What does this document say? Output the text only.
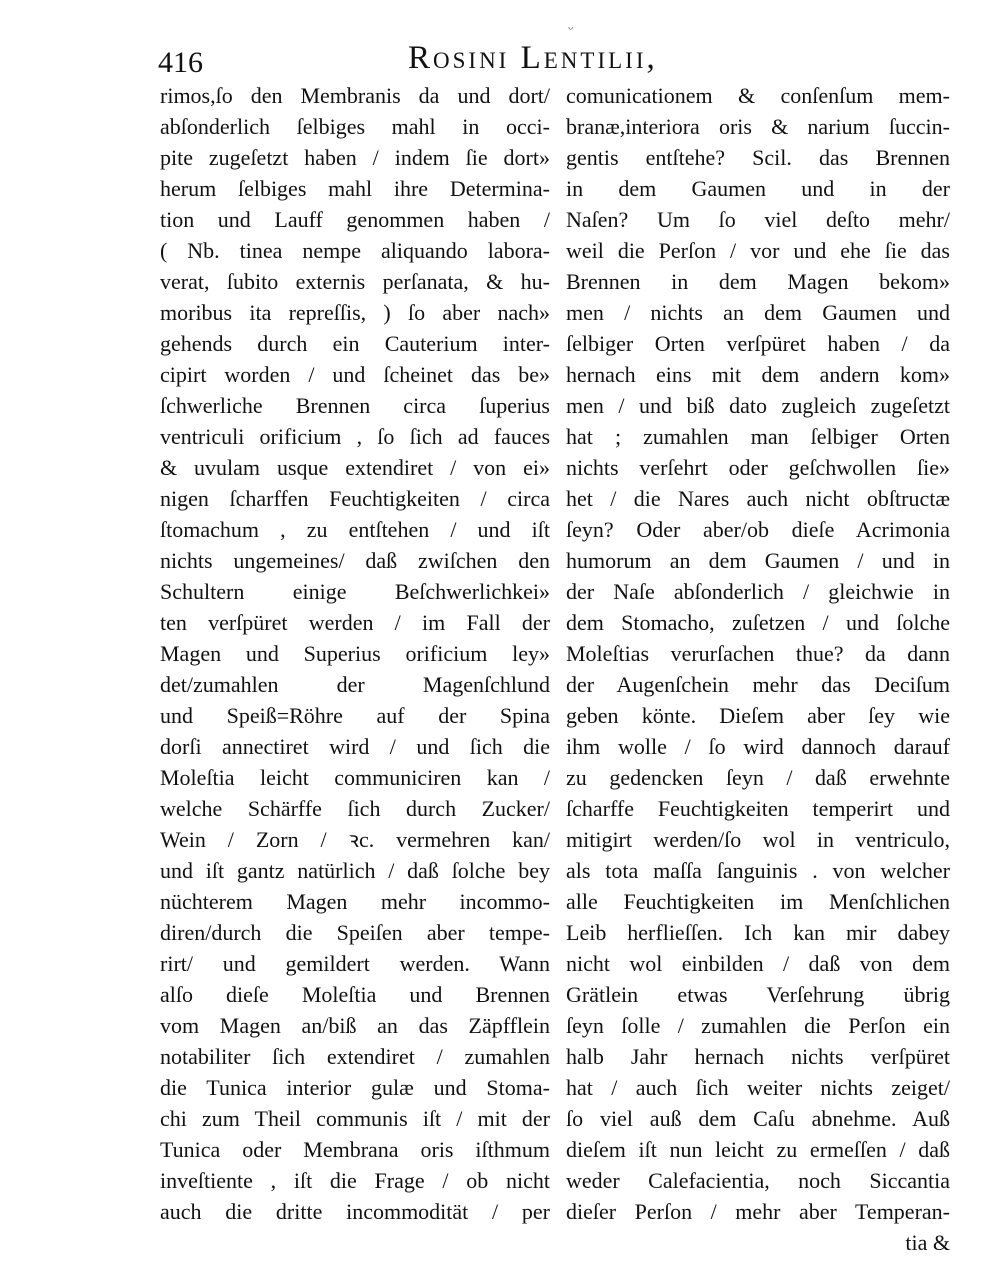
ᵕ
416	Rosini Lentilii,
rimos,ſo den Membranis da und dort/
abſonderlich ſelbiges mahl in occi-
pite zugeſetzt haben / indem ſie dort»
herum ſelbiges mahl ihre Determina-
tion und Lauff genommen haben /
( Nb. tinea nempe aliquando labora-
verat, ſubito externis perſanata, & hu-
moribus ita repreſſis, ) ſo aber nach»
gehends durch ein Cauterium inter-
cipirt worden / und ſcheinet das be»
ſchwerliche Brennen circa ſuperius
ventriculi orificium , ſo ſich ad fauces
& uvulam usque extendiret / von ei»
nigen ſcharffen Feuchtigkeiten / circa
ſtomachum , zu entſtehen / und iſt
nichts ungemeines/ daß zwiſchen den
Schultern einige Beſchwerlichkei»
ten verſpüret werden / im Fall der
Magen und Superius orificium ley»
det/zumahlen der Magenſchlund
und Speiß=Röhre auf der Spina
dorſi annectiret wird / und ſich die
Moleſtia leicht communiciren kan /
welche Schärffe ſich durch Zucker/
Wein / Zorn / ꝛc. vermehren kan/
und iſt gantz natürlich / daß ſolche bey
nüchterem Magen mehr incommo-
diren/durch die Speiſen aber tempe-
rirt/ und gemildert werden. Wann
alſo dieſe Moleſtia und Brennen
vom Magen an/biß an das Zäpfflein
notabiliter ſich extendiret / zumahlen
die Tunica interior gulæ und Stoma-
chi zum Theil communis iſt / mit der
Tunica oder Membrana oris iſthmum
inveſtiente , iſt die Frage / ob nicht
auch die dritte incommodität / per
comunicationem & conſenſum mem-
branæ,interiora oris & narium ſuccin-
gentis entſtehe? Scil. das Brennen
in dem Gaumen und in der
Naſen? Um ſo viel deſto mehr/
weil die Perſon / vor und ehe ſie das
Brennen in dem Magen bekom»
men / nichts an dem Gaumen und
ſelbiger Orten verſpüret haben / da
hernach eins mit dem andern kom»
men / und biß dato zugleich zugeſetzt
hat ; zumahlen man ſelbiger Orten
nichts verſehrt oder geſchwollen ſie»
het / die Nares auch nicht obſtructæ
ſeyn? Oder aber/ob dieſe Acrimonia
humorum an dem Gaumen / und in
der Naſe abſonderlich / gleichwie in
dem Stomacho, zuſetzen / und ſolche
Moleſtias verurſachen thue? da dann
der Augenſchein mehr das Deciſum
geben könte. Dieſem aber ſey wie
ihm wolle / ſo wird dannoch darauf
zu gedencken ſeyn / daß erwehnte
ſcharffe Feuchtigkeiten temperirt und
mitigirt werden/ſo wol in ventriculo,
als tota maſſa ſanguinis . von welcher
alle Feuchtigkeiten im Menſchlichen
Leib herflieſſen. Ich kan mir dabey
nicht wol einbilden / daß von dem
Grätlein etwas Verſehrung übrig
ſeyn ſolle / zumahlen die Perſon ein
halb Jahr hernach nichts verſpüret
hat / auch ſich weiter nichts zeiget/
ſo viel auß dem Caſu abnehme. Auß
dieſem iſt nun leicht zu ermeſſen / daß
weder Calefacientia, noch Siccantia
dieſer Perſon / mehr aber Temperan-
tia &
